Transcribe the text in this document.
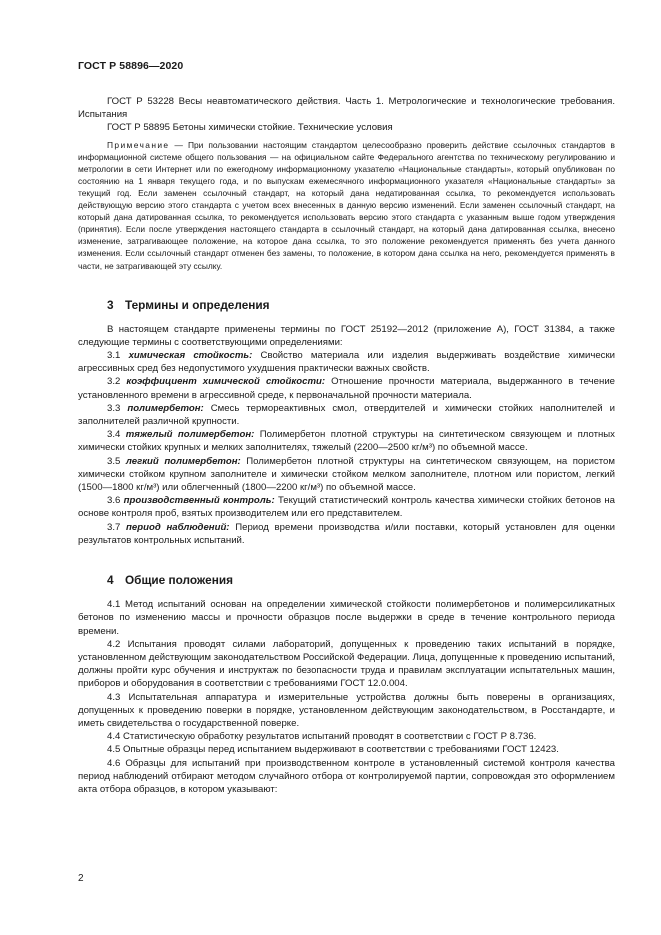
ГОСТ Р 58896—2020

ГОСТ Р 53228 Весы неавтоматического действия. Часть 1. Метрологические и технологические требования. Испытания

ГОСТ Р 58895 Бетоны химически стойкие. Технические условия

Примечание — При пользовании настоящим стандартом целесообразно проверить действие ссылочных стандартов в информационной системе общего пользования — на официальном сайте Федерального агентства по техническому регулированию и метрологии в сети Интернет или по ежегодному информационному указателю «Национальные стандарты», который опубликован по состоянию на 1 января текущего года, и по выпускам ежемесячного информационного указателя «Национальные стандарты» за текущий год. Если заменен ссылочный стандарт, на который дана недатированная ссылка, то рекомендуется использовать действующую версию этого стандарта с учетом всех внесенных в данную версию изменений. Если заменен ссылочный стандарт, на который дана датированная ссылка, то рекомендуется использовать версию этого стандарта с указанным выше годом утверждения (принятия). Если после утверждения настоящего стандарта в ссылочный стандарт, на который дана датированная ссылка, внесено изменение, затрагивающее положение, на которое дана ссылка, то это положение рекомендуется применять без учета данного изменения. Если ссылочный стандарт отменен без замены, то положение, в котором дана ссылка на него, рекомендуется применять в части, не затрагивающей эту ссылку.

3 Термины и определения

В настоящем стандарте применены термины по ГОСТ 25192—2012 (приложение А), ГОСТ 31384, а также следующие термины с соответствующими определениями:

3.1 химическая стойкость: Свойство материала или изделия выдерживать воздействие химически агрессивных сред без недопустимого ухудшения практически важных свойств.

3.2 коэффициент химической стойкости: Отношение прочности материала, выдержанного в течение установленного времени в агрессивной среде, к первоначальной прочности материала.

3.3 полимербетон: Смесь термореактивных смол, отвердителей и химически стойких наполнителей и заполнителей различной крупности.

3.4 тяжелый полимербетон: Полимербетон плотной структуры на синтетическом связующем и плотных химически стойких крупных и мелких заполнителях, тяжелый (2200—2500 кг/м³) по объемной массе.

3.5 легкий полимербетон: Полимербетон плотной структуры на синтетическом связующем, на пористом химически стойком крупном заполнителе и химически стойком мелком заполнителе, плотном или пористом, легкий (1500—1800 кг/м³) или облегченный (1800—2200 кг/м³) по объемной массе.

3.6 производственный контроль: Текущий статистический контроль качества химически стойких бетонов на основе контроля проб, взятых производителем или его представителем.

3.7 период наблюдений: Период времени производства и/или поставки, который установлен для оценки результатов контрольных испытаний.

4 Общие положения

4.1 Метод испытаний основан на определении химической стойкости полимербетонов и полимерсиликатных бетонов по изменению массы и прочности образцов после выдержки в среде в течение контрольного периода времени.

4.2 Испытания проводят силами лабораторий, допущенных к проведению таких испытаний в порядке, установленном действующим законодательством Российской Федерации. Лица, допущенные к проведению испытаний, должны пройти курс обучения и инструктаж по безопасности труда и правилам эксплуатации испытательных машин, приборов и оборудования в соответствии с требованиями ГОСТ 12.0.004.

4.3 Испытательная аппаратура и измерительные устройства должны быть поверены в организациях, допущенных к проведению поверки в порядке, установленном действующим законодательством, в Росстандарте, и иметь свидетельства о государственной поверке.

4.4 Статистическую обработку результатов испытаний проводят в соответствии с ГОСТ Р 8.736.

4.5 Опытные образцы перед испытанием выдерживают в соответствии с требованиями ГОСТ 12423.

4.6 Образцы для испытаний при производственном контроле в установленный системой контроля качества период наблюдений отбирают методом случайного отбора от контролируемой партии, сопровождая это оформлением акта отбора образцов, в котором указывают:

2
